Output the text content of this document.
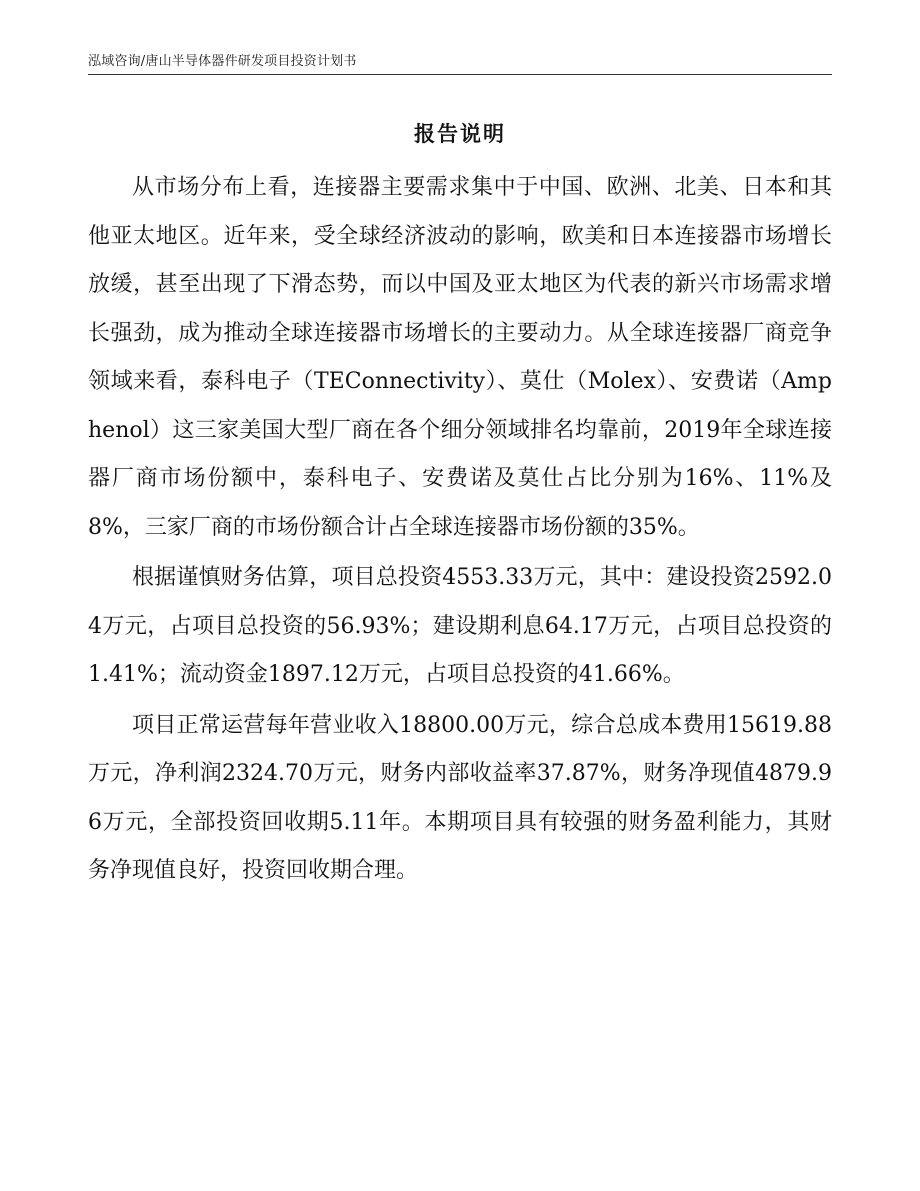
泓域咨询/唐山半导体器件研发项目投资计划书
报告说明

从市场分布上看，连接器主要需求集中于中国、欧洲、北美、日本和其他亚太地区。近年来，受全球经济波动的影响，欧美和日本连接器市场增长放缓，甚至出现了下滑态势，而以中国及亚太地区为代表的新兴市场需求增长强劲，成为推动全球连接器市场增长的主要动力。从全球连接器厂商竞争领域来看，泰科电子（TEConnectivity）、莫仕（Molex）、安费诺（Amphenol）这三家美国大型厂商在各个细分领域排名均靠前，2019年全球连接器厂商市场份额中，泰科电子、安费诺及莫仕占比分别为16%、11%及8%，三家厂商的市场份额合计占全球连接器市场份额的35%。

根据谨慎财务估算，项目总投资4553.33万元，其中：建设投资2592.04万元，占项目总投资的56.93%；建设期利息64.17万元，占项目总投资的1.41%；流动资金1897.12万元，占项目总投资的41.66%。

项目正常运营每年营业收入18800.00万元，综合总成本费用15619.88万元，净利润2324.70万元，财务内部收益率37.87%，财务净现值4879.96万元，全部投资回收期5.11年。本期项目具有较强的财务盈利能力，其财务净现值良好，投资回收期合理。
